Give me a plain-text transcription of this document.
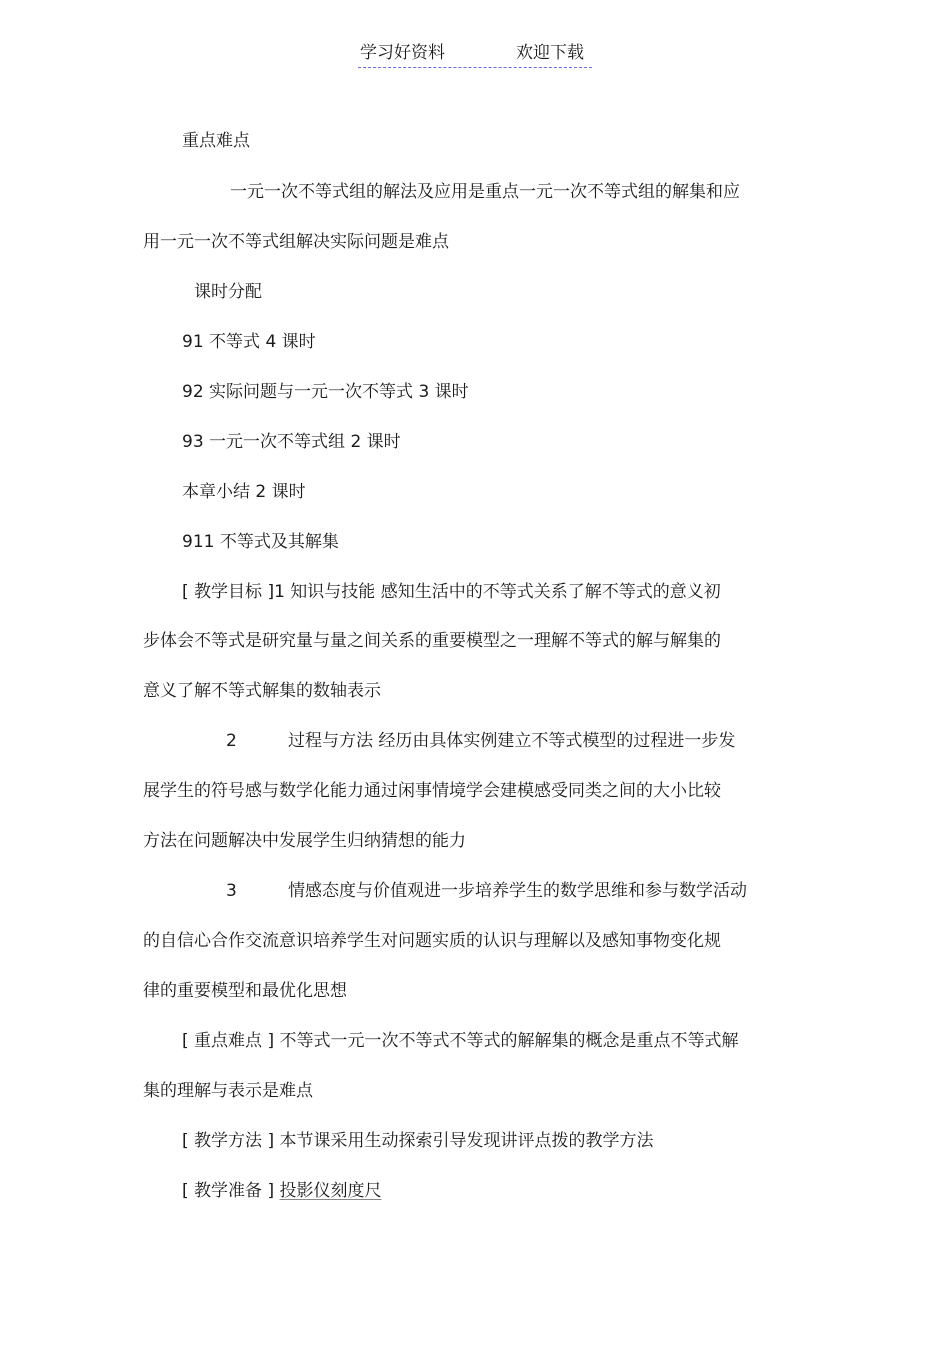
学习好资料	欢迎下载
重点难点
一元一次不等式组的解法及应用是重点一元一次不等式组的解集和应
用一元一次不等式组解决实际问题是难点
课时分配
91 不等式 4 课时
92 实际问题与一元一次不等式 3 课时
93 一元一次不等式组 2 课时
本章小结 2 课时
911 不等式及其解集
[ 教学目标 ]1 知识与技能 感知生活中的不等式关系了解不等式的意义初
步体会不等式是研究量与量之间关系的重要模型之一理解不等式的解与解集的
意义了解不等式解集的数轴表示
2	过程与方法 经历由具体实例建立不等式模型的过程进一步发
展学生的符号感与数学化能力通过闲事情境学会建模感受同类之间的大小比较
方法在问题解决中发展学生归纳猜想的能力
3	情感态度与价值观进一步培养学生的数学思维和参与数学活动
的自信心合作交流意识培养学生对问题实质的认识与理解以及感知事物变化规
律的重要模型和最优化思想
[ 重点难点 ] 不等式一元一次不等式不等式的解解集的概念是重点不等式解
集的理解与表示是难点
[ 教学方法 ] 本节课采用生动探索引导发现讲评点拨的教学方法
[ 教学准备 ] 投影仪刻度尺
